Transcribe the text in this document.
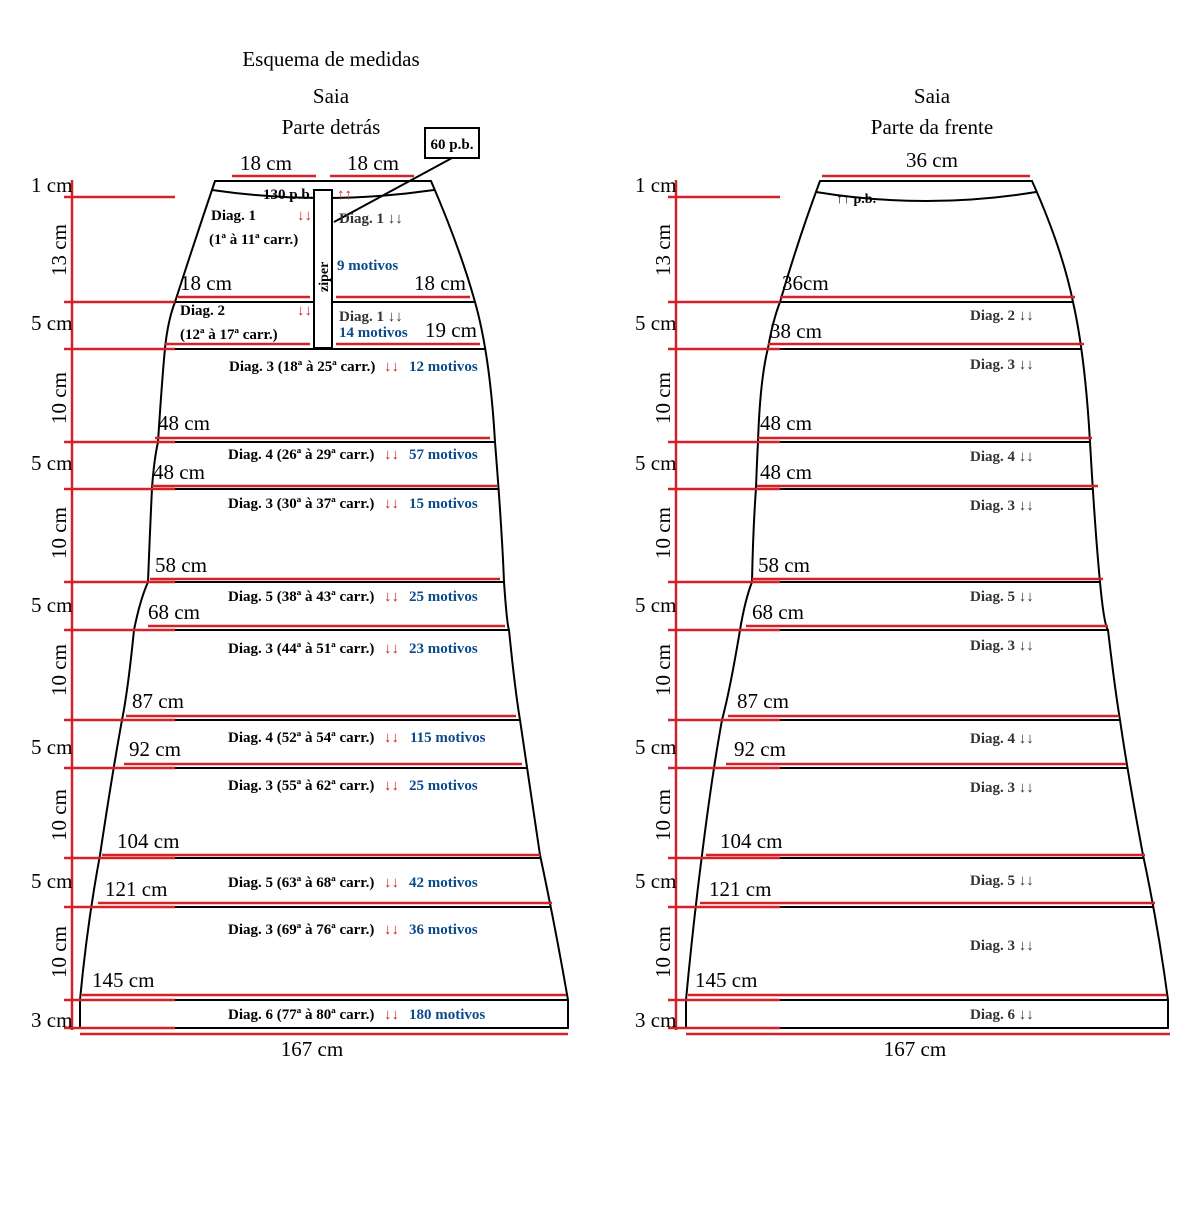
Esquema de medidas
Saia
Parte detrás
Saia
Parte da frente
ziper
60 p.b.
18 cm	18 cm
130 p.b. ↑↑
Diag. 1	↓↓
(1ª à 11ª carr.)
Diag. 1 ↓↓
9 motivos
18 cm	18 cm
Diag. 2	↓↓
(12ª à 17ª carr.)
Diag. 1 ↓↓
14 motivos 19 cm
Diag. 3 (18ª à 25ª carr.) ↓↓ 12 motivos
Diag. 4 (26ª à 29ª carr.) ↓↓ 57 motivos
Diag. 3 (30ª à 37ª carr.) ↓↓ 15 motivos
Diag. 5 (38ª à 43ª carr.) ↓↓ 25 motivos
Diag. 3 (44ª à 51ª carr.) ↓↓ 23 motivos
Diag. 4 (52ª à 54ª carr.) ↓↓ 115 motivos
Diag. 3 (55ª à 62ª carr.) ↓↓ 25 motivos
Diag. 5 (63ª à 68ª carr.) ↓↓ 42 motivos
Diag. 3 (69ª à 76ª carr.) ↓↓ 36 motivos
Diag. 6 (77ª à 80ª carr.) ↓↓ 180 motivos
48 cm
48 cm
58 cm
68 cm
87 cm
92 cm
104 cm
121 cm
145 cm
167 cm
1 cm
13 cm
5 cm
10 cm
5 cm
10 cm
5 cm
10 cm
5 cm
10 cm
5 cm
10 cm
3 cm
36 cm
↑↑ p.b.
36cm
38 cm
48 cm
48 cm
58 cm
68 cm
87 cm
92 cm
104 cm
121 cm
145 cm
Diag. 2 ↓↓
Diag. 3 ↓↓
Diag. 4 ↓↓
Diag. 3 ↓↓
Diag. 5 ↓↓
Diag. 3 ↓↓
Diag. 4 ↓↓
Diag. 3 ↓↓
Diag. 5 ↓↓
Diag. 3 ↓↓
Diag. 6 ↓↓
167 cm
1 cm
13 cm
5 cm
10 cm
5 cm
10 cm
5 cm
10 cm
5 cm
10 cm
5 cm
10 cm
3 cm
